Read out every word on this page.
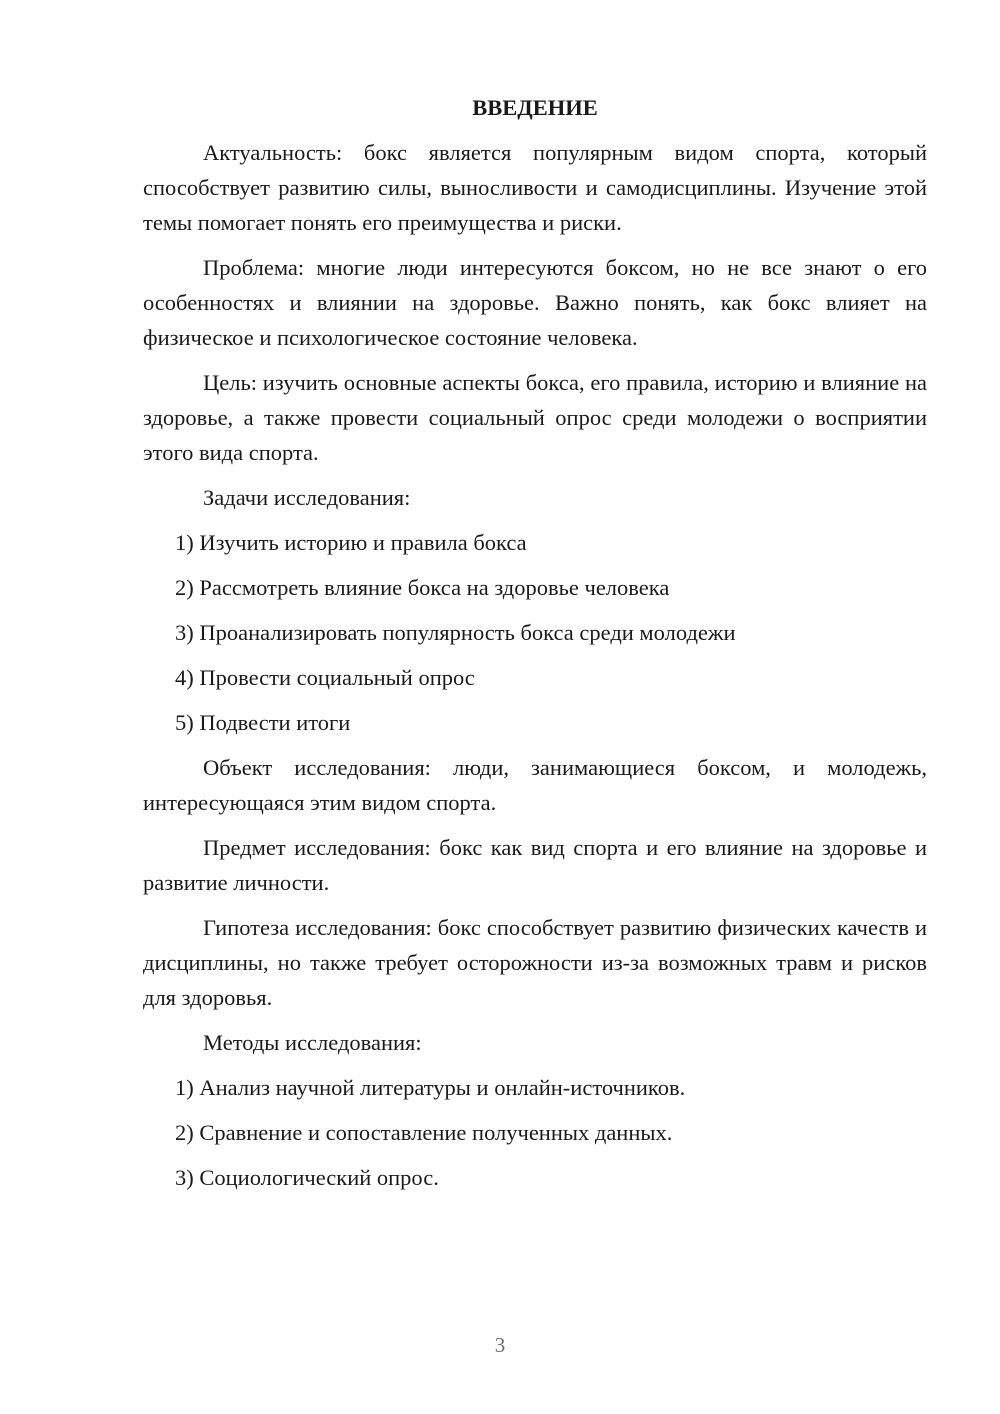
ВВЕДЕНИЕ

Актуальность: бокс является популярным видом спорта, который способствует развитию силы, выносливости и самодисциплины. Изучение этой темы помогает понять его преимущества и риски.

Проблема: многие люди интересуются боксом, но не все знают о его особенностях и влиянии на здоровье. Важно понять, как бокс влияет на физическое и психологическое состояние человека.

Цель: изучить основные аспекты бокса, его правила, историю и влияние на здоровье, а также провести социальный опрос среди молодежи о восприятии этого вида спорта.

Задачи исследования:

1) Изучить историю и правила бокса
2) Рассмотреть влияние бокса на здоровье человека
3) Проанализировать популярность бокса среди молодежи
4) Провести социальный опрос
5) Подвести итоги

Объект исследования: люди, занимающиеся боксом, и молодежь, интересующаяся этим видом спорта.

Предмет исследования: бокс как вид спорта и его влияние на здоровье и развитие личности.

Гипотеза исследования: бокс способствует развитию физических качеств и дисциплины, но также требует осторожности из-за возможных травм и рисков для здоровья.

Методы исследования:

1) Анализ научной литературы и онлайн-источников.
2) Сравнение и сопоставление полученных данных.
3) Социологический опрос.
3
